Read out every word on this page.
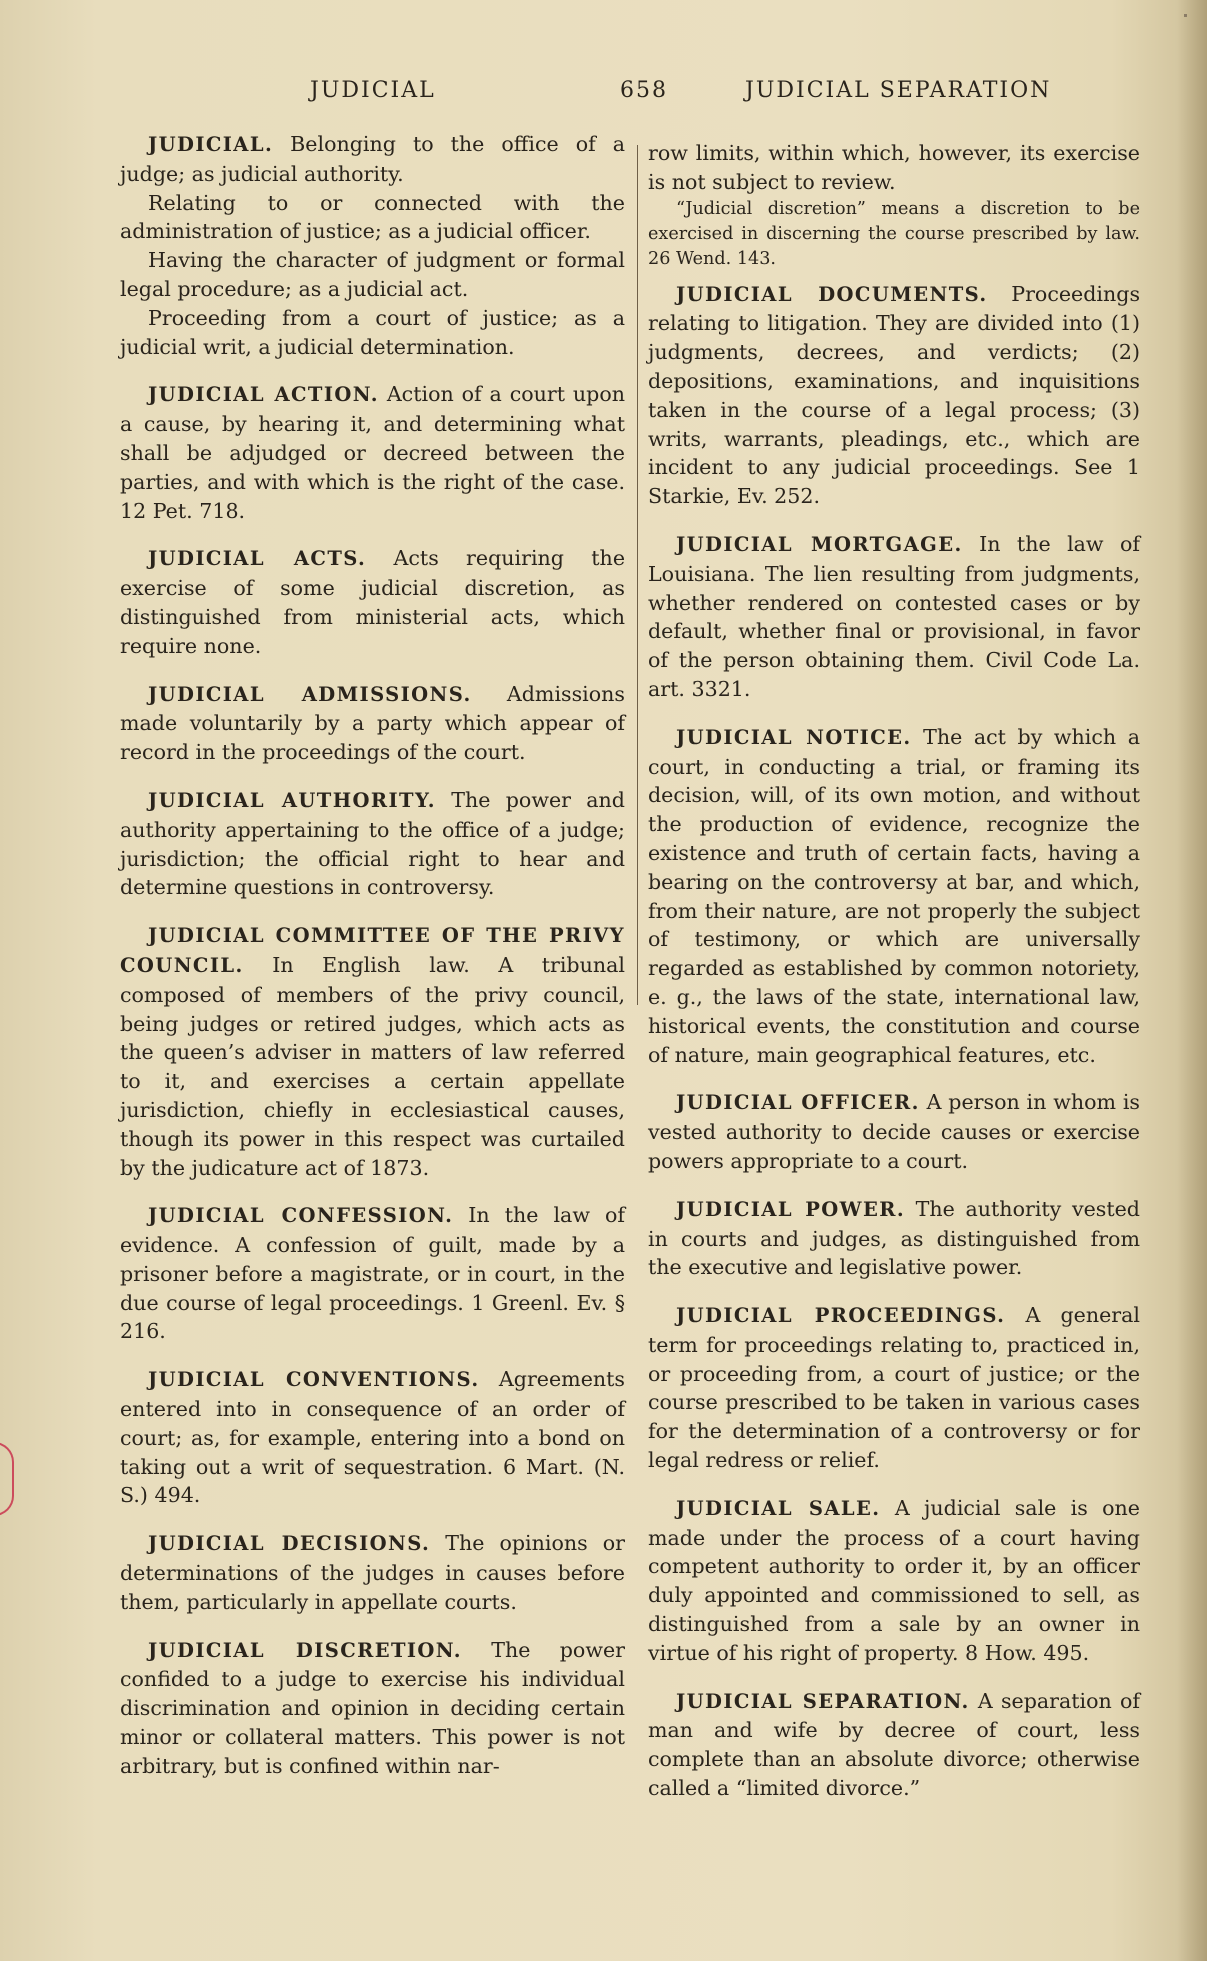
JUDICIAL	658	JUDICIAL SEPARATION

JUDICIAL. Belonging to the office of a judge; as judicial authority.

Relating to or connected with the administration of justice; as a judicial officer.

Having the character of judgment or formal legal procedure; as a judicial act.

Proceeding from a court of justice; as a judicial writ, a judicial determination.

JUDICIAL ACTION. Action of a court upon a cause, by hearing it, and determining what shall be adjudged or decreed between the parties, and with which is the right of the case. 12 Pet. 718.

JUDICIAL ACTS. Acts requiring the exercise of some judicial discretion, as distinguished from ministerial acts, which require none.

JUDICIAL ADMISSIONS. Admissions made voluntarily by a party which appear of record in the proceedings of the court.

JUDICIAL AUTHORITY. The power and authority appertaining to the office of a judge; jurisdiction; the official right to hear and determine questions in controversy.

JUDICIAL COMMITTEE OF THE PRIVY COUNCIL. In English law. A tribunal composed of members of the privy council, being judges or retired judges, which acts as the queen’s adviser in matters of law referred to it, and exercises a certain appellate jurisdiction, chiefly in ecclesiastical causes, though its power in this respect was curtailed by the judicature act of 1873.

JUDICIAL CONFESSION. In the law of evidence. A confession of guilt, made by a prisoner before a magistrate, or in court, in the due course of legal proceedings. 1 Greenl. Ev. § 216.

JUDICIAL CONVENTIONS. Agreements entered into in consequence of an order of court; as, for example, entering into a bond on taking out a writ of sequestration. 6 Mart. (N. S.) 494.

JUDICIAL DECISIONS. The opinions or determinations of the judges in causes before them, particularly in appellate courts.

JUDICIAL DISCRETION. The power confided to a judge to exercise his individual discrimination and opinion in deciding certain minor or collateral matters. This power is not arbitrary, but is confined within nar-

row limits, within which, however, its exercise is not subject to review.

“Judicial discretion” means a discretion to be exercised in discerning the course prescribed by law. 26 Wend. 143.

JUDICIAL DOCUMENTS. Proceedings relating to litigation. They are divided into (1) judgments, decrees, and verdicts; (2) depositions, examinations, and inquisitions taken in the course of a legal process; (3) writs, warrants, pleadings, etc., which are incident to any judicial proceedings. See 1 Starkie, Ev. 252.

JUDICIAL MORTGAGE. In the law of Louisiana. The lien resulting from judgments, whether rendered on contested cases or by default, whether final or provisional, in favor of the person obtaining them. Civil Code La. art. 3321.

JUDICIAL NOTICE. The act by which a court, in conducting a trial, or framing its decision, will, of its own motion, and without the production of evidence, recognize the existence and truth of certain facts, having a bearing on the controversy at bar, and which, from their nature, are not properly the subject of testimony, or which are universally regarded as established by common notoriety, e. g., the laws of the state, international law, historical events, the constitution and course of nature, main geographical features, etc.

JUDICIAL OFFICER. A person in whom is vested authority to decide causes or exercise powers appropriate to a court.

JUDICIAL POWER. The authority vested in courts and judges, as distinguished from the executive and legislative power.

JUDICIAL PROCEEDINGS. A general term for proceedings relating to, practiced in, or proceeding from, a court of justice; or the course prescribed to be taken in various cases for the determination of a controversy or for legal redress or relief.

JUDICIAL SALE. A judicial sale is one made under the process of a court having competent authority to order it, by an officer duly appointed and commissioned to sell, as distinguished from a sale by an owner in virtue of his right of property. 8 How. 495.

JUDICIAL SEPARATION. A separation of man and wife by decree of court, less complete than an absolute divorce; otherwise called a “limited divorce.”
